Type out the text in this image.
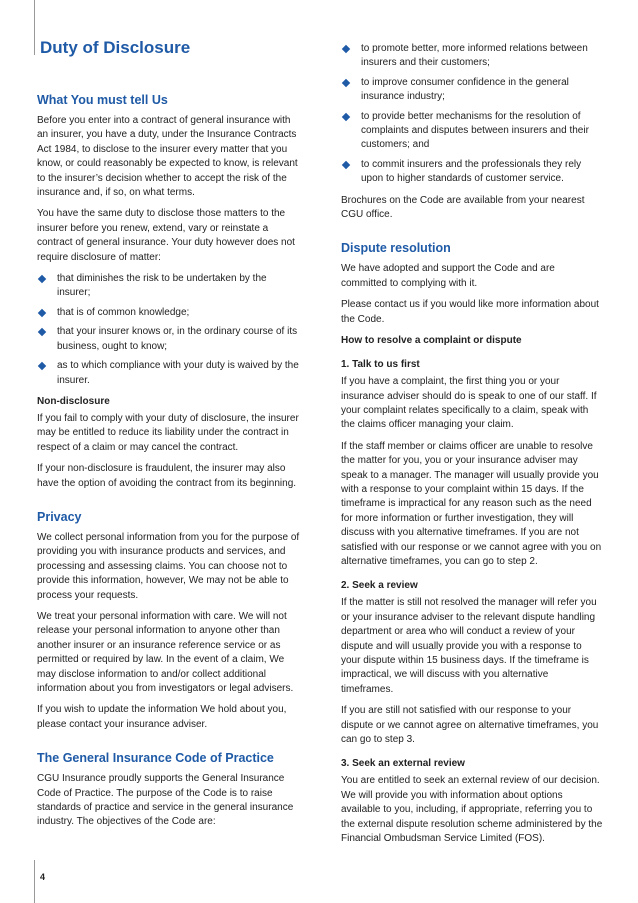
Duty of Disclosure
What You must tell Us

Before you enter into a contract of general insurance with an insurer, you have a duty, under the Insurance Contracts Act 1984, to disclose to the insurer every matter that you know, or could reasonably be expected to know, is relevant to the insurer’s decision whether to accept the risk of the insurance and, if so, on what terms.

You have the same duty to disclose those matters to the insurer before you renew, extend, vary or reinstate a contract of general insurance. Your duty however does not require disclosure of matter:

that diminishes the risk to be undertaken by the insurer;
that is of common knowledge;
that your insurer knows or, in the ordinary course of its business, ought to know;
as to which compliance with your duty is waived by the insurer.
Non-disclosure

If you fail to comply with your duty of disclosure, the insurer may be entitled to reduce its liability under the contract in respect of a claim or may cancel the contract.

If your non-disclosure is fraudulent, the insurer may also have the option of avoiding the contract from its beginning.

Privacy

We collect personal information from you for the purpose of providing you with insurance products and services, and processing and assessing claims. You can choose not to provide this information, however, We may not be able to process your requests.

We treat your personal information with care. We will not release your personal information to anyone other than another insurer or an insurance reference service or as permitted or required by law. In the event of a claim, We may disclose information to and/or collect additional information about you from investigators or legal advisers.

If you wish to update the information We hold about you, please contact your insurance adviser.

The General Insurance Code of Practice

CGU Insurance proudly supports the General Insurance Code of Practice. The purpose of the Code is to raise standards of practice and service in the general insurance industry. The objectives of the Code are:

to promote better, more informed relations between insurers and their customers;
to improve consumer confidence in the general insurance industry;
to provide better mechanisms for the resolution of complaints and disputes between insurers and their customers; and
to commit insurers and the professionals they rely upon to higher standards of customer service.

Brochures on the Code are available from your nearest CGU office.

Dispute resolution

We have adopted and support the Code and are committed to complying with it.

Please contact us if you would like more information about the Code.

How to resolve a complaint or dispute
1. Talk to us first

If you have a complaint, the first thing you or your insurance adviser should do is speak to one of our staff. If your complaint relates specifically to a claim, speak with the claims officer managing your claim.

If the staff member or claims officer are unable to resolve the matter for you, you or your insurance adviser may speak to a manager. The manager will usually provide you with a response to your complaint within 15 days. If the timeframe is impractical for any reason such as the need for more information or further investigation, they will discuss with you alternative timeframes. If you are not satisfied with our response or we cannot agree with you on alternative timeframes, you can go to step 2.

2. Seek a review

If the matter is still not resolved the manager will refer you or your insurance adviser to the relevant dispute handling department or area who will conduct a review of your dispute and will usually provide you with a response to your dispute within 15 business days. If the timeframe is impractical, we will discuss with you alternative timeframes.

If you are still not satisfied with our response to your dispute or we cannot agree on alternative timeframes, you can go to step 3.

3. Seek an external review

You are entitled to seek an external review of our decision. We will provide you with information about options available to you, including, if appropriate, referring you to the external dispute resolution scheme administered by the Financial Ombudsman Service Limited (FOS).

4
